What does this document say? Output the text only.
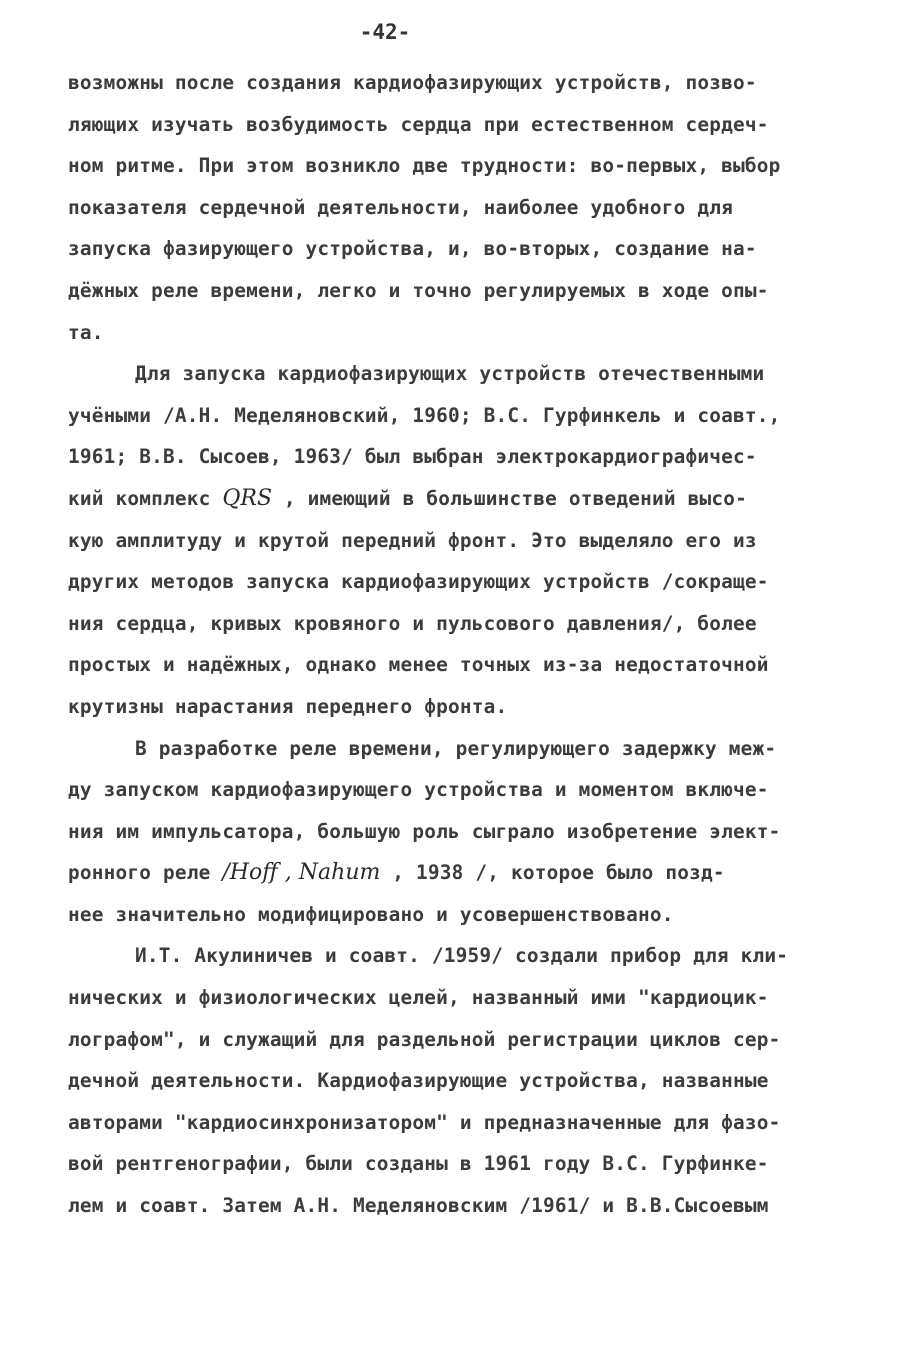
-42-
возможны после создания кардиофазирующих устройств, позво-
ляющих изучать возбудимость сердца при естественном сердеч-
ном ритме. При этом возникло две трудности: во-первых, выбор
показателя сердечной деятельности, наиболее удобного для
запуска фазирующего устройства, и, во-вторых, создание на-
дёжных реле времени, легко и точно регулируемых в ходе опы-
та.
Для запуска кардиофазирующих устройств отечественными
учёными /А.Н. Меделяновский, 1960; В.С. Гурфинкель и соавт.,
1961; В.В. Сысоев, 1963/ был выбран электрокардиографичес-
кий комплекс QRS , имеющий в большинстве отведений высо-
кую амплитуду и крутой передний фронт. Это выделяло его из
других методов запуска кардиофазирующих устройств /сокраще-
ния сердца, кривых кровяного и пульсового давления/, более
простых и надёжных, однако менее точных из-за недостаточной
крутизны нарастания переднего фронта.
В разработке реле времени, регулирующего задержку меж-
ду запуском кардиофазирующего устройства и моментом включе-
ния им импульсатора, большую роль сыграло изобретение элект-
ронного реле /Hoff , Nahum , 1938 /, которое было позд-
нее значительно модифицировано и усовершенствовано.
И.Т. Акулиничев и соавт. /1959/ создали прибор для кли-
нических и физиологических целей, названный ими "кардиоцик-
лографом", и служащий для раздельной регистрации циклов сер-
дечной деятельности. Кардиофазирующие устройства, названные
авторами "кардиосинхронизатором" и предназначенные для фазо-
вой рентгенографии, были созданы в 1961 году В.С. Гурфинке-
лем и соавт. Затем А.Н. Меделяновским /1961/ и В.В.Сысоевым
